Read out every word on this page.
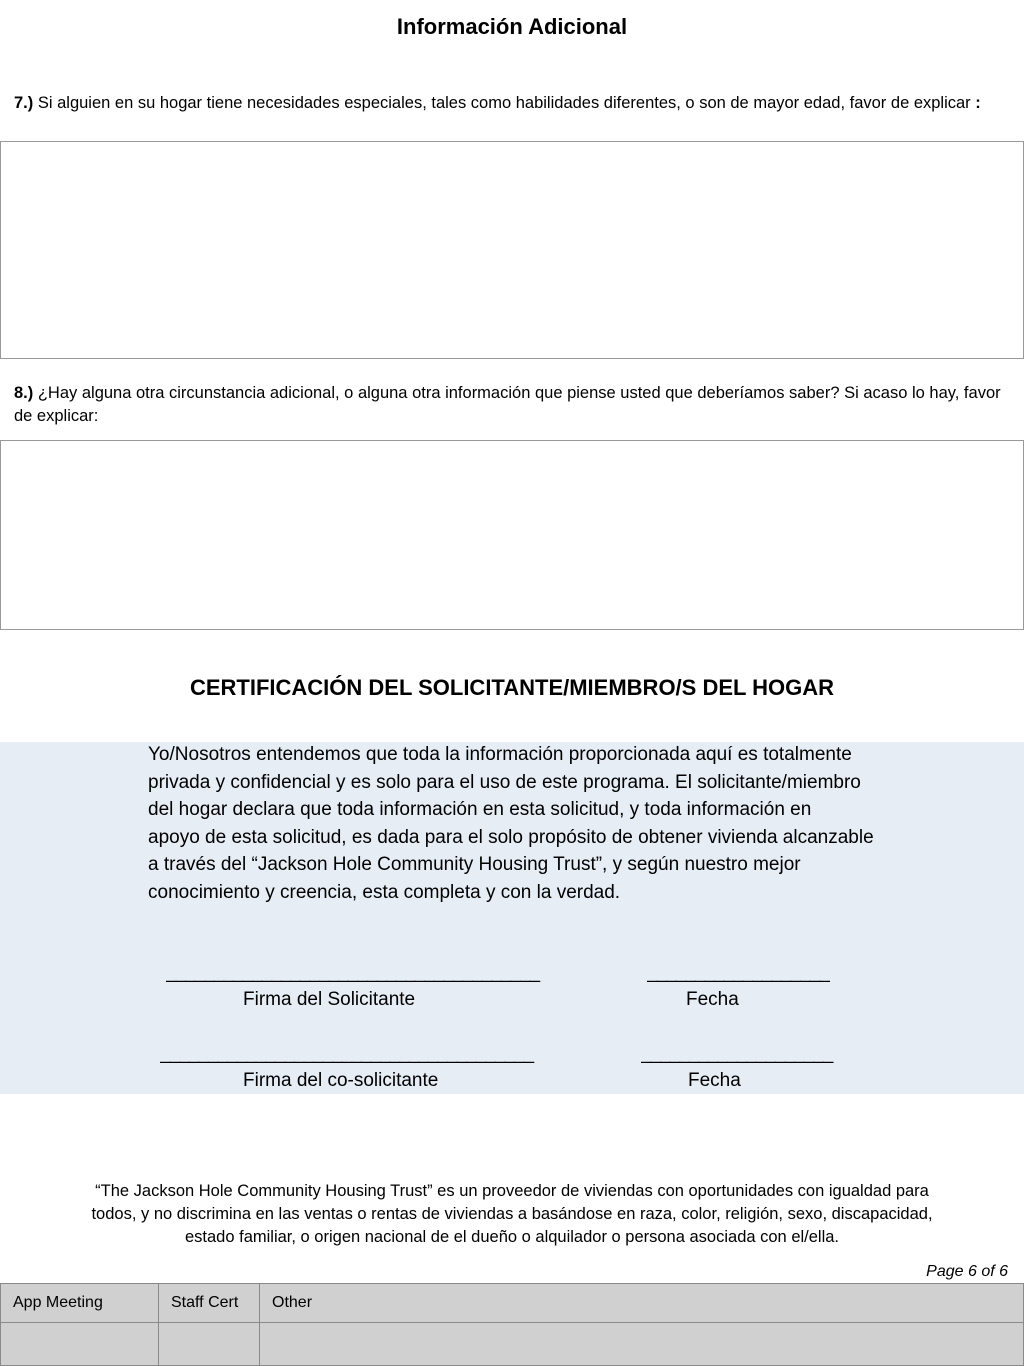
Información Adicional
7.) Si alguien en su hogar tiene necesidades especiales, tales como habilidades diferentes, o son de mayor edad, favor de explicar :
8.) ¿Hay alguna otra circunstancia adicional, o alguna otra información que piense usted que deberíamos saber? Si acaso lo hay, favor de explicar:
CERTIFICACIÓN DEL SOLICITANTE/MIEMBRO/S DEL HOGAR
Yo/Nosotros entendemos que toda la información proporcionada aquí es totalmente
privada y confidencial y es solo para el uso de este programa. El solicitante/miembro
del hogar declara que toda información en esta solicitud, y toda información en
apoyo de esta solicitud, es dada para el solo propósito de obtener vivienda alcanzable
a través del “Jackson Hole Community Housing Trust”, y según nuestro mejor
conocimiento y creencia, esta completa y con la verdad.
_______________________________________	___________________
Firma del Solicitante	Fecha
_______________________________________	____________________
Firma del co-solicitante	Fecha
“The Jackson Hole Community Housing Trust” es un proveedor de viviendas con oportunidades con igualdad para
todos, y no discrimina en las ventas o rentas de viviendas a basándose en raza, color, religión, sexo, discapacidad,
estado familiar, o origen nacional de el dueño o alquilador o persona asociada con el/ella.
Page 6 of 6
App Meeting	Staff Cert	Other
